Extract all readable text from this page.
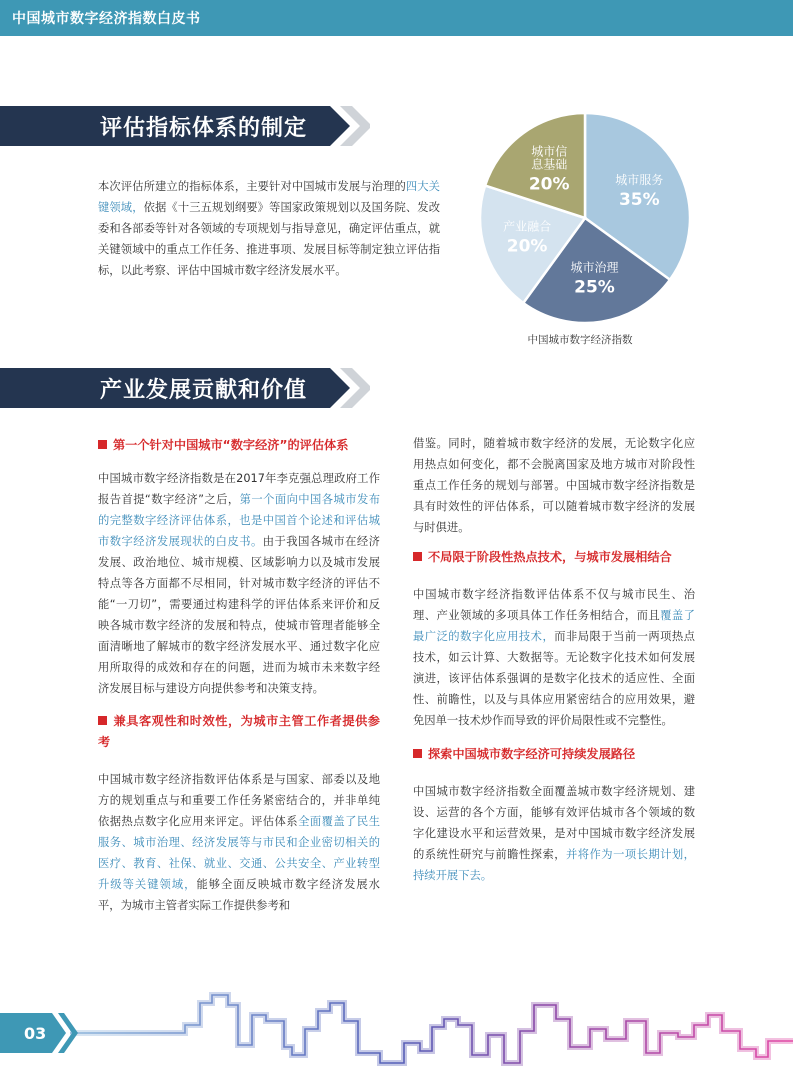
中国城市数字经济指数白皮书
评估指标体系的制定
本次评估所建立的指标体系，主要针对中国城市发展与治理的四大关键领域，依据《十三五规划纲要》等国家政策规划以及国务院、发改委和各部委等针对各领域的专项规划与指导意见，确定评估重点，就关键领域中的重点工作任务、推进事项、发展目标等制定独立评估指标，以此考察、评估中国城市数字经济发展水平。
城市服务
35%
城市治理
25%
产业融合
20%
城市信
息基础
20%
中国城市数字经济指数
产业发展贡献和价值

第一个针对中国城市“数字经济”的评估体系

中国城市数字经济指数是在2017年李克强总理政府工作报告首提“数字经济”之后，第一个面向中国各城市发布的完整数字经济评估体系，也是中国首个论述和评估城市数字经济发展现状的白皮书。由于我国各城市在经济发展、政治地位、城市规模、区域影响力以及城市发展特点等各方面都不尽相同，针对城市数字经济的评估不能“一刀切”，需要通过构建科学的评估体系来评价和反映各城市数字经济的发展和特点，使城市管理者能够全面清晰地了解城市的数字经济发展水平、通过数字化应用所取得的成效和存在的问题，进而为城市未来数字经济发展目标与建设方向提供参考和决策支持。

兼具客观性和时效性，为城市主管工作者提供参考

中国城市数字经济指数评估体系是与国家、部委以及地方的规划重点与和重要工作任务紧密结合的，并非单纯依据热点数字化应用来评定。评估体系全面覆盖了民生服务、城市治理、经济发展等与市民和企业密切相关的医疗、教育、社保、就业、交通、公共安全、产业转型升级等关键领域，能够全面反映城市数字经济发展水平，为城市主管者实际工作提供参考和

借鉴。同时，随着城市数字经济的发展，无论数字化应用热点如何变化，都不会脱离国家及地方城市对阶段性重点工作任务的规划与部署。中国城市数字经济指数是具有时效性的评估体系，可以随着城市数字经济的发展与时俱进。

不局限于阶段性热点技术，与城市发展相结合

中国城市数字经济指数评估体系不仅与城市民生、治理、产业领域的多项具体工作任务相结合，而且覆盖了最广泛的数字化应用技术，而非局限于当前一两项热点技术，如云计算、大数据等。无论数字化技术如何发展演进，该评估体系强调的是数字化技术的适应性、全面性、前瞻性，以及与具体应用紧密结合的应用效果，避免因单一技术炒作而导致的评价局限性或不完整性。

探索中国城市数字经济可持续发展路径

中国城市数字经济指数全面覆盖城市数字经济规划、建设、运营的各个方面，能够有效评估城市各个领域的数字化建设水平和运营效果，是对中国城市数字经济发展的系统性研究与前瞻性探索，并将作为一项长期计划，持续开展下去。

03
